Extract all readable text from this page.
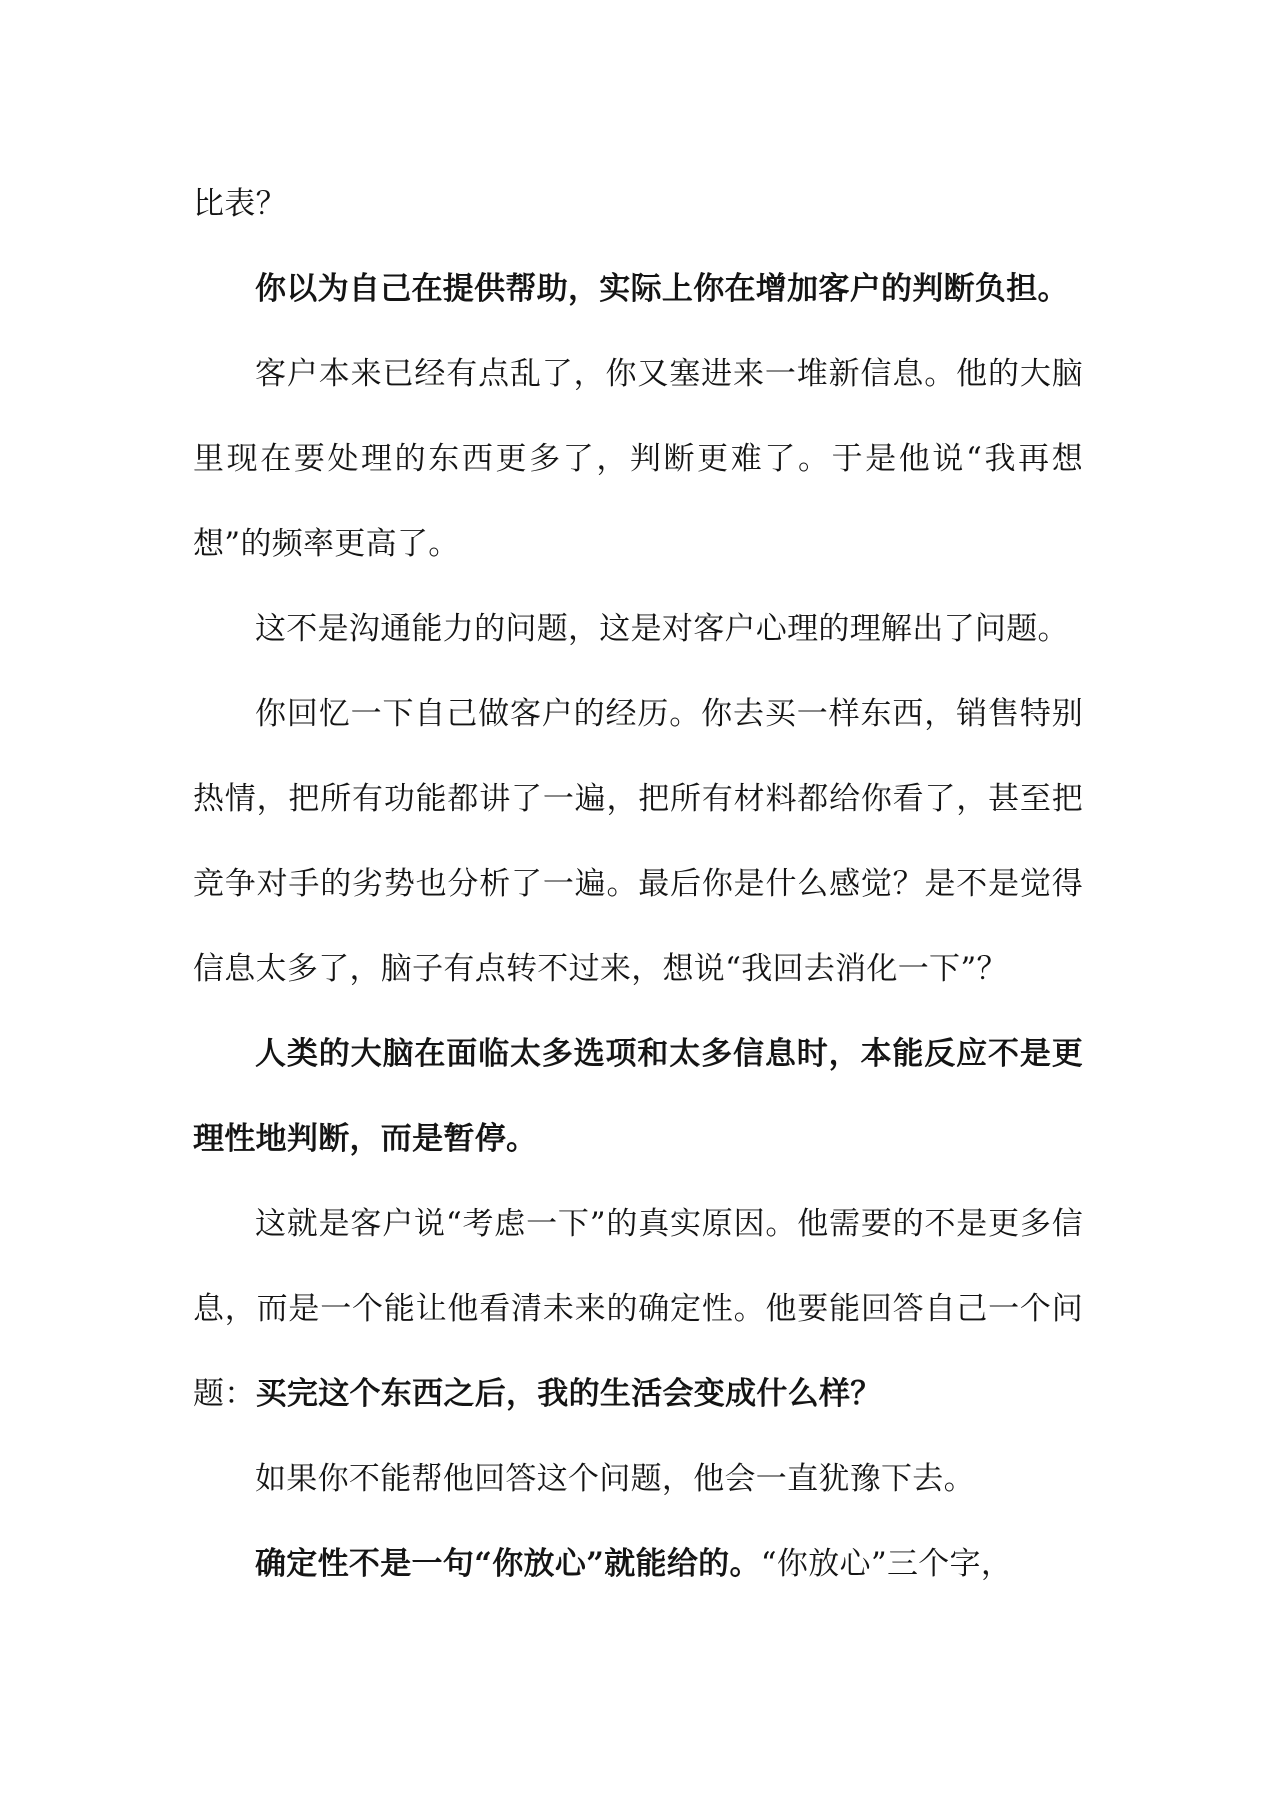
比表？

你以为自己在提供帮助，实际上你在增加客户的判断负担。

客户本来已经有点乱了，你又塞进来一堆新信息。他的大脑里现在要处理的东西更多了，判断更难了。于是他说“我再想想”的频率更高了。

这不是沟通能力的问题，这是对客户心理的理解出了问题。

你回忆一下自己做客户的经历。你去买一样东西，销售特别热情，把所有功能都讲了一遍，把所有材料都给你看了，甚至把竞争对手的劣势也分析了一遍。最后你是什么感觉？是不是觉得信息太多了，脑子有点转不过来，想说“我回去消化一下”？

人类的大脑在面临太多选项和太多信息时，本能反应不是更理性地判断，而是暂停。

这就是客户说“考虑一下”的真实原因。他需要的不是更多信息，而是一个能让他看清未来的确定性。他要能回答自己一个问题：买完这个东西之后，我的生活会变成什么样？

如果你不能帮他回答这个问题，他会一直犹豫下去。

确定性不是一句“你放心”就能给的。“你放心”三个字，
